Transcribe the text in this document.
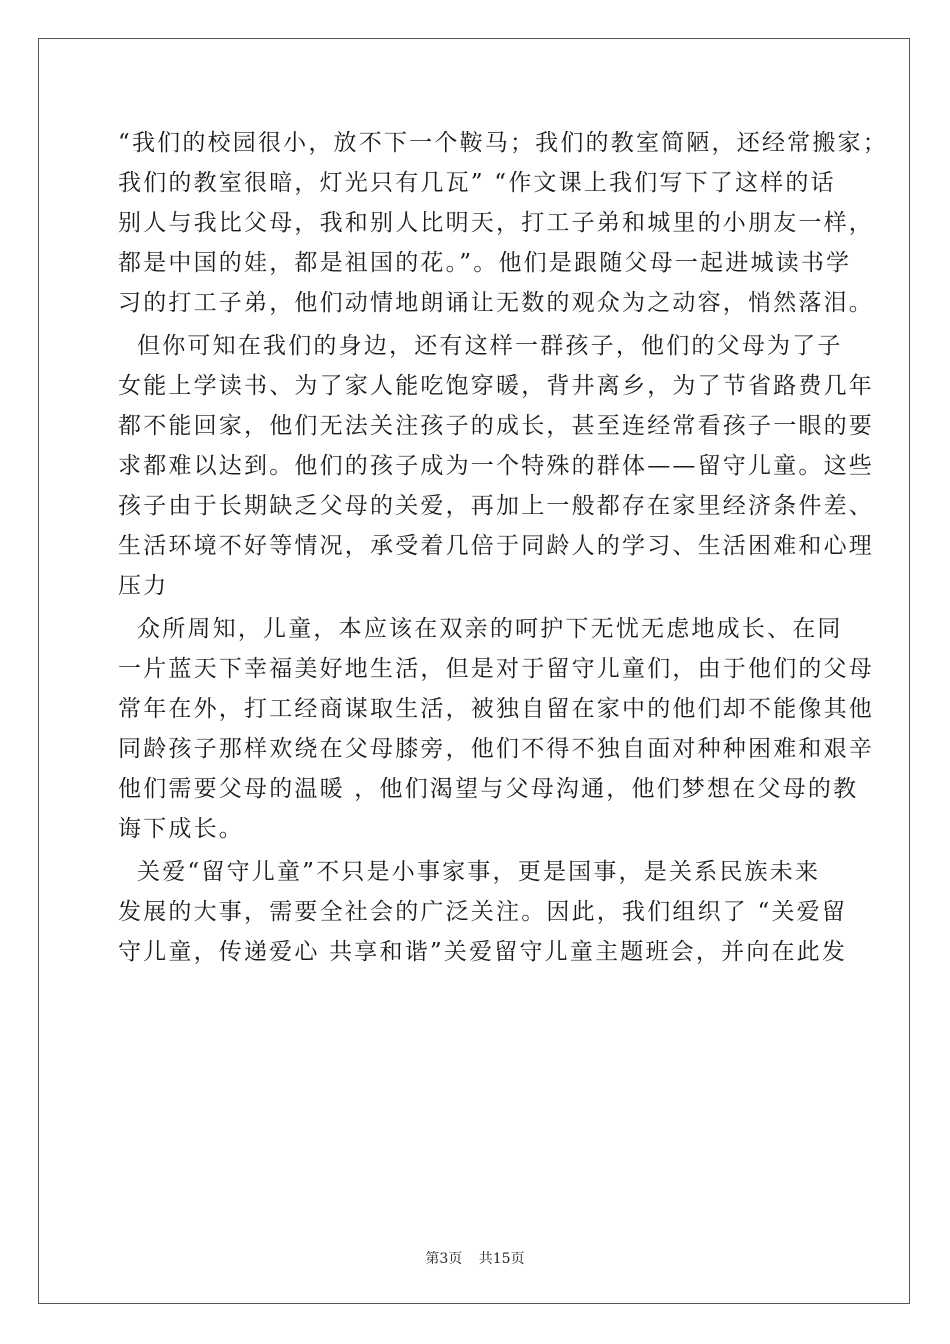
“我们的校园很小，放不下一个鞍马；我们的教室简陋，还经常搬家；
我们的教室很暗，灯光只有几瓦” “作文课上我们写下了这样的话
别人与我比父母，我和别人比明天，打工子弟和城里的小朋友一样，
都是中国的娃，都是祖国的花。”。他们是跟随父母一起进城读书学
习的打工子弟，他们动情地朗诵让无数的观众为之动容，悄然落泪。

但你可知在我们的身边，还有这样一群孩子，他们的父母为了子
女能上学读书、为了家人能吃饱穿暖，背井离乡，为了节省路费几年
都不能回家，他们无法关注孩子的成长，甚至连经常看孩子一眼的要
求都难以达到。他们的孩子成为一个特殊的群体——留守儿童。这些
孩子由于长期缺乏父母的关爱，再加上一般都存在家里经济条件差、
生活环境不好等情况，承受着几倍于同龄人的学习、生活困难和心理
压力

众所周知，儿童，本应该在双亲的呵护下无忧无虑地成长、在同
一片蓝天下幸福美好地生活，但是对于留守儿童们，由于他们的父母
常年在外，打工经商谋取生活，被独自留在家中的他们却不能像其他
同龄孩子那样欢绕在父母膝旁，他们不得不独自面对种种困难和艰辛
他们需要父母的温暖 ，他们渴望与父母沟通，他们梦想在父母的教
诲下成长。

关爱“留守儿童”不只是小事家事，更是国事，是关系民族未来
发展的大事，需要全社会的广泛关注。因此，我们组织了 “关爱留
守儿童，传递爱心 共享和谐”关爱留守儿童主题班会，并向在此发

第3页 共15页
